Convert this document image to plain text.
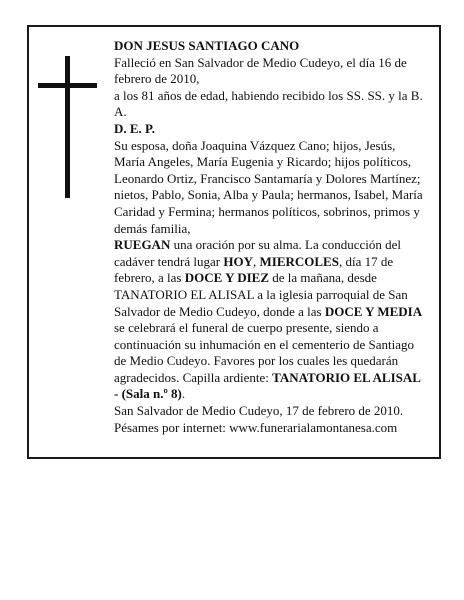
DON JESUS SANTIAGO CANO

Falleció en San Salvador de Medio Cudeyo, el día 16 de febrero de 2010,

a los 81 años de edad, habiendo recibido los SS. SS. y la B. A.

D. E. P.

Su esposa, doña Joaquina Vázquez Cano; hijos, Jesús, María Angeles, María Eugenia y Ricardo; hijos políticos, Leonardo Ortiz, Francisco Santamaría y Dolores Martínez; nietos, Pablo, Sonia, Alba y Paula; hermanos, Isabel, María Caridad y Fermina; hermanos políticos, sobrinos, primos y demás familia,

RUEGAN una oración por su alma. La conducción del cadáver tendrá lugar HOY, MIERCOLES, día 17 de febrero, a las DOCE Y DIEZ de la mañana, desde TANATORIO EL ALISAL a la iglesia parroquial de San Salvador de Medio Cudeyo, donde a las DOCE Y MEDIA se celebrará el funeral de cuerpo presente, siendo a continuación su inhumación en el cementerio de Santiago de Medio Cudeyo. Favores por los cuales les quedarán agradecidos. Capilla ardiente: TANATORIO EL ALISAL - (Sala n.º 8).

San Salvador de Medio Cudeyo, 17 de febrero de 2010.

Pésames por internet: www.funerarialamontanesa.com
